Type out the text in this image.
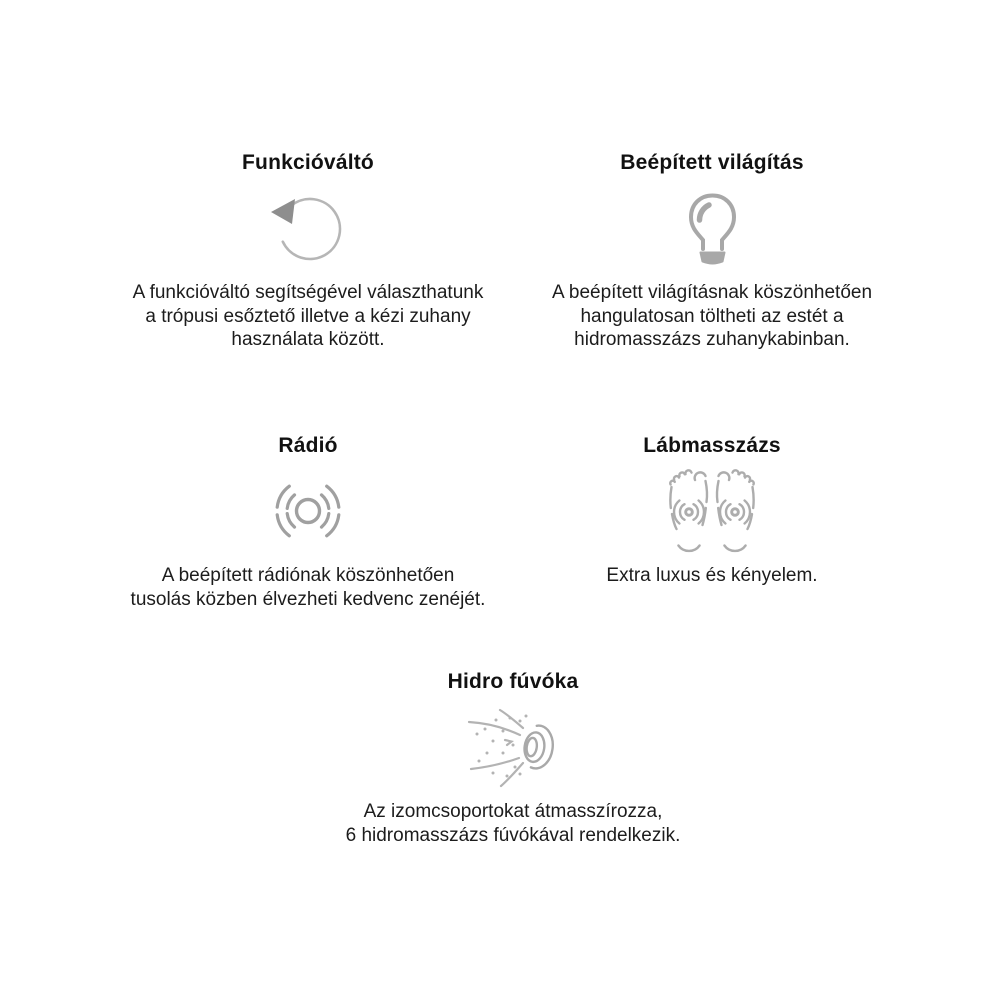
Funkcióváltó

A funkcióváltó segítségével választhatunk
a trópusi esőztető illetve a kézi zuhany
használata között.

Beépített világítás

A beépített világításnak köszönhetően
hangulatosan töltheti az estét a
hidromasszázs zuhanykabinban.

Rádió

A beépített rádiónak köszönhetően
tusolás közben élvezheti kedvenc zenéjét.

Lábmasszázs

Extra luxus és kényelem.

Hidro fúvóka

Az izomcsoportokat átmasszírozza,
6 hidromasszázs fúvókával rendelkezik.
